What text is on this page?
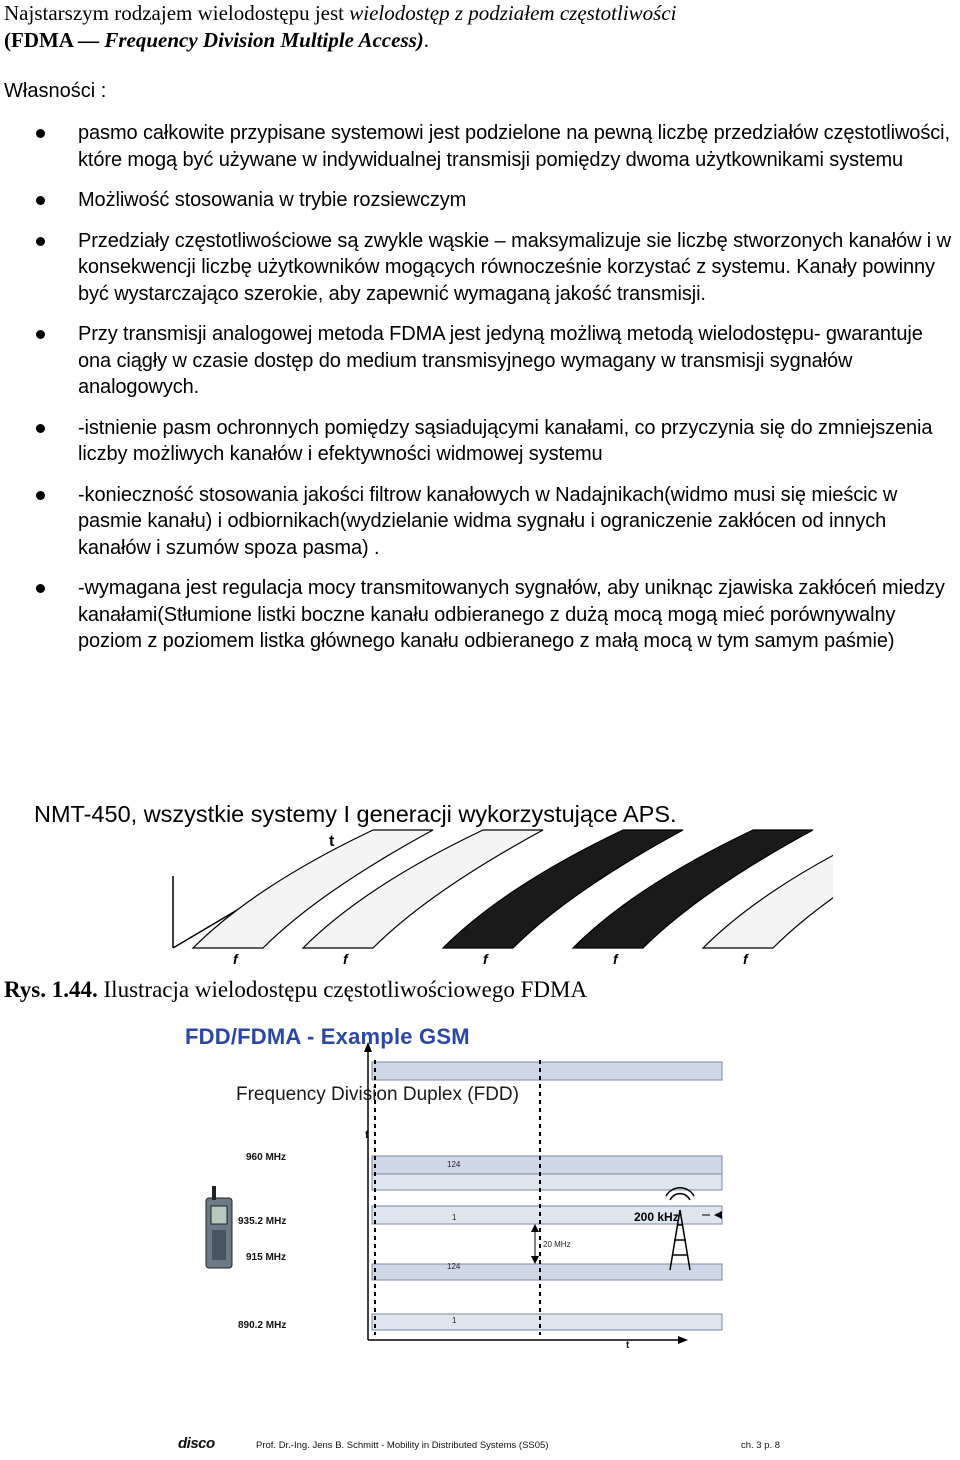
Najstarszym rodzajem wielodostępu jest wielodostęp z podziałem częstotliwości
(FDMA — Frequency Division Multiple Access).
Własności :
pasmo całkowite przypisane systemowi jest podzielone na pewną liczbę przedziałów częstotliwości, które mogą być używane w indywidualnej transmisji pomiędzy dwoma użytkownikami systemu
Możliwość stosowania w trybie rozsiewczym
Przedziały częstotliwościowe są zwykle wąskie – maksymalizuje sie liczbę stworzonych kanałów i w konsekwencji liczbę użytkowników mogących równocześnie korzystać z systemu. Kanały powinny być wystarczająco szerokie, aby zapewnić wymaganą jakość transmisji.
Przy transmisji analogowej metoda FDMA jest jedyną możliwą metodą wielodostępu- gwarantuje ona ciągły w czasie dostęp do medium transmisyjnego wymagany w transmisji sygnałów analogowych.
-istnienie pasm ochronnych pomiędzy sąsiadującymi kanałami, co przyczynia się do zmniejszenia liczby możliwych kanałów i efektywności widmowej systemu
-konieczność stosowania jakości filtrow kanałowych w Nadajnikach(widmo musi się mieścic w pasmie kanału) i odbiornikach(wydzielanie widma sygnału i ograniczenie zakłócen od innych kanałów i szumów spoza pasma) .
-wymagana jest regulacja mocy transmitowanych sygnałów, aby uniknąc zjawiska zakłóceń miedzy kanałami(Stłumione listki boczne kanału odbieranego z dużą mocą mogą mieć porównywalny poziom z poziomem listka głównego kanału odbieranego z małą mocą w tym samym paśmie)
NMT-450, wszystkie systemy I generacji wykorzystujące APS.
t
f	f	f	f	f
Rys. 1.44. Ilustracja wielodostępu częstotliwościowego FDMA
200 kHz
FDD/FDMA - Example GSM
Frequency Division Duplex (FDD)
f
t
960 MHz
935.2 MHz
915 MHz
890.2 MHz
124
1
124
1
20 MHz
disco	Prof. Dr.-Ing. Jens B. Schmitt - Mobility in Distributed Systems (SS05)	ch. 3 p. 8
